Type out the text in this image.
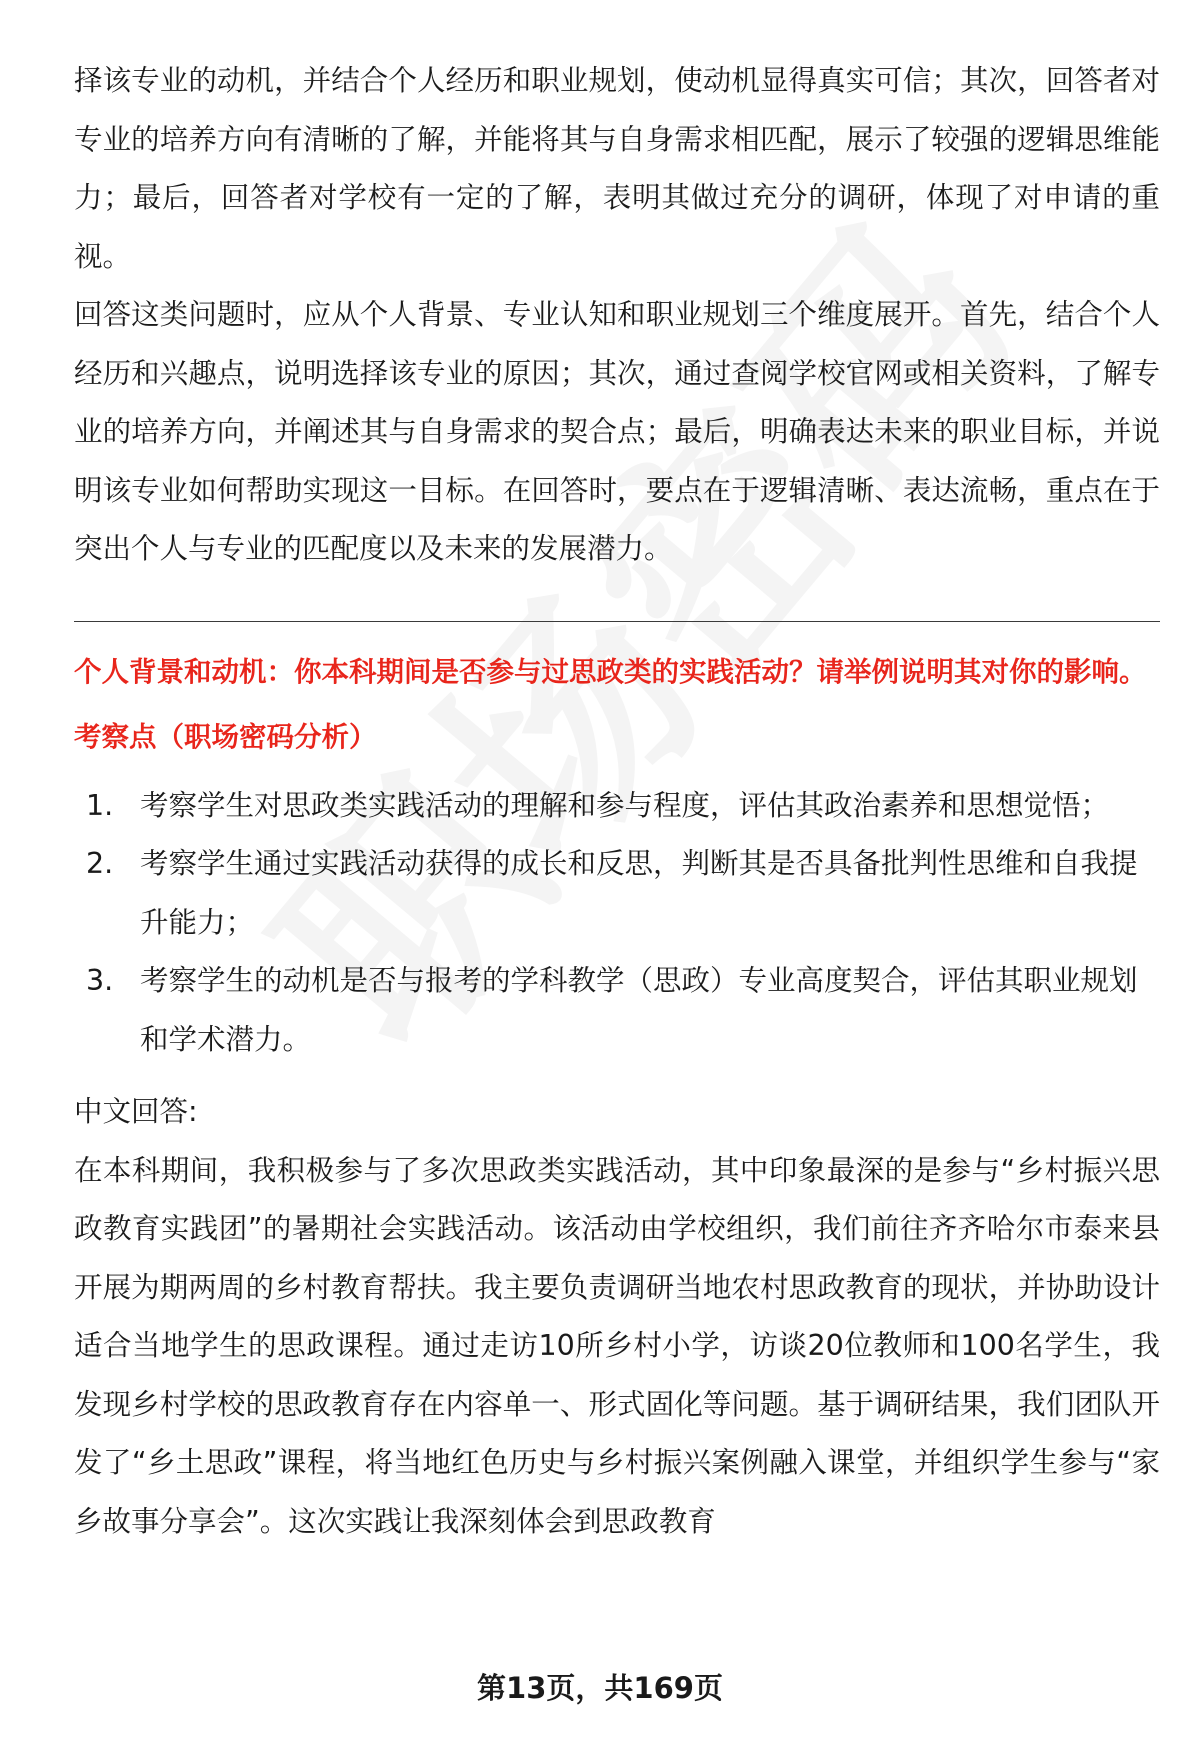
择该专业的动机，并结合个人经历和职业规划，使动机显得真实可信；其次，回答者对专业的培养方向有清晰的了解，并能将其与自身需求相匹配，展示了较强的逻辑思维能力；最后，回答者对学校有一定的了解，表明其做过充分的调研，体现了对申请的重视。

回答这类问题时，应从个人背景、专业认知和职业规划三个维度展开。首先，结合个人经历和兴趣点，说明选择该专业的原因；其次，通过查阅学校官网或相关资料，了解专业的培养方向，并阐述其与自身需求的契合点；最后，明确表达未来的职业目标，并说明该专业如何帮助实现这一目标。在回答时，要点在于逻辑清晰、表达流畅，重点在于突出个人与专业的匹配度以及未来的发展潜力。

个人背景和动机：你本科期间是否参与过思政类的实践活动？请举例说明其对你的影响。

考察点（职场密码分析）

1. 考察学生对思政类实践活动的理解和参与程度，评估其政治素养和思想觉悟；
2. 考察学生通过实践活动获得的成长和反思，判断其是否具备批判性思维和自我提升能力；
3. 考察学生的动机是否与报考的学科教学（思政）专业高度契合，评估其职业规划和学术潜力。

中文回答:

在本科期间，我积极参与了多次思政类实践活动，其中印象最深的是参与“乡村振兴思政教育实践团”的暑期社会实践活动。该活动由学校组织，我们前往齐齐哈尔市泰来县开展为期两周的乡村教育帮扶。我主要负责调研当地农村思政教育的现状，并协助设计适合当地学生的思政课程。通过走访10所乡村小学，访谈20位教师和100名学生，我发现乡村学校的思政教育存在内容单一、形式固化等问题。基于调研结果，我们团队开发了“乡土思政”课程，将当地红色历史与乡村振兴案例融入课堂，并组织学生参与“家乡故事分享会”。这次实践让我深刻体会到思政教育

第13页，共169页
